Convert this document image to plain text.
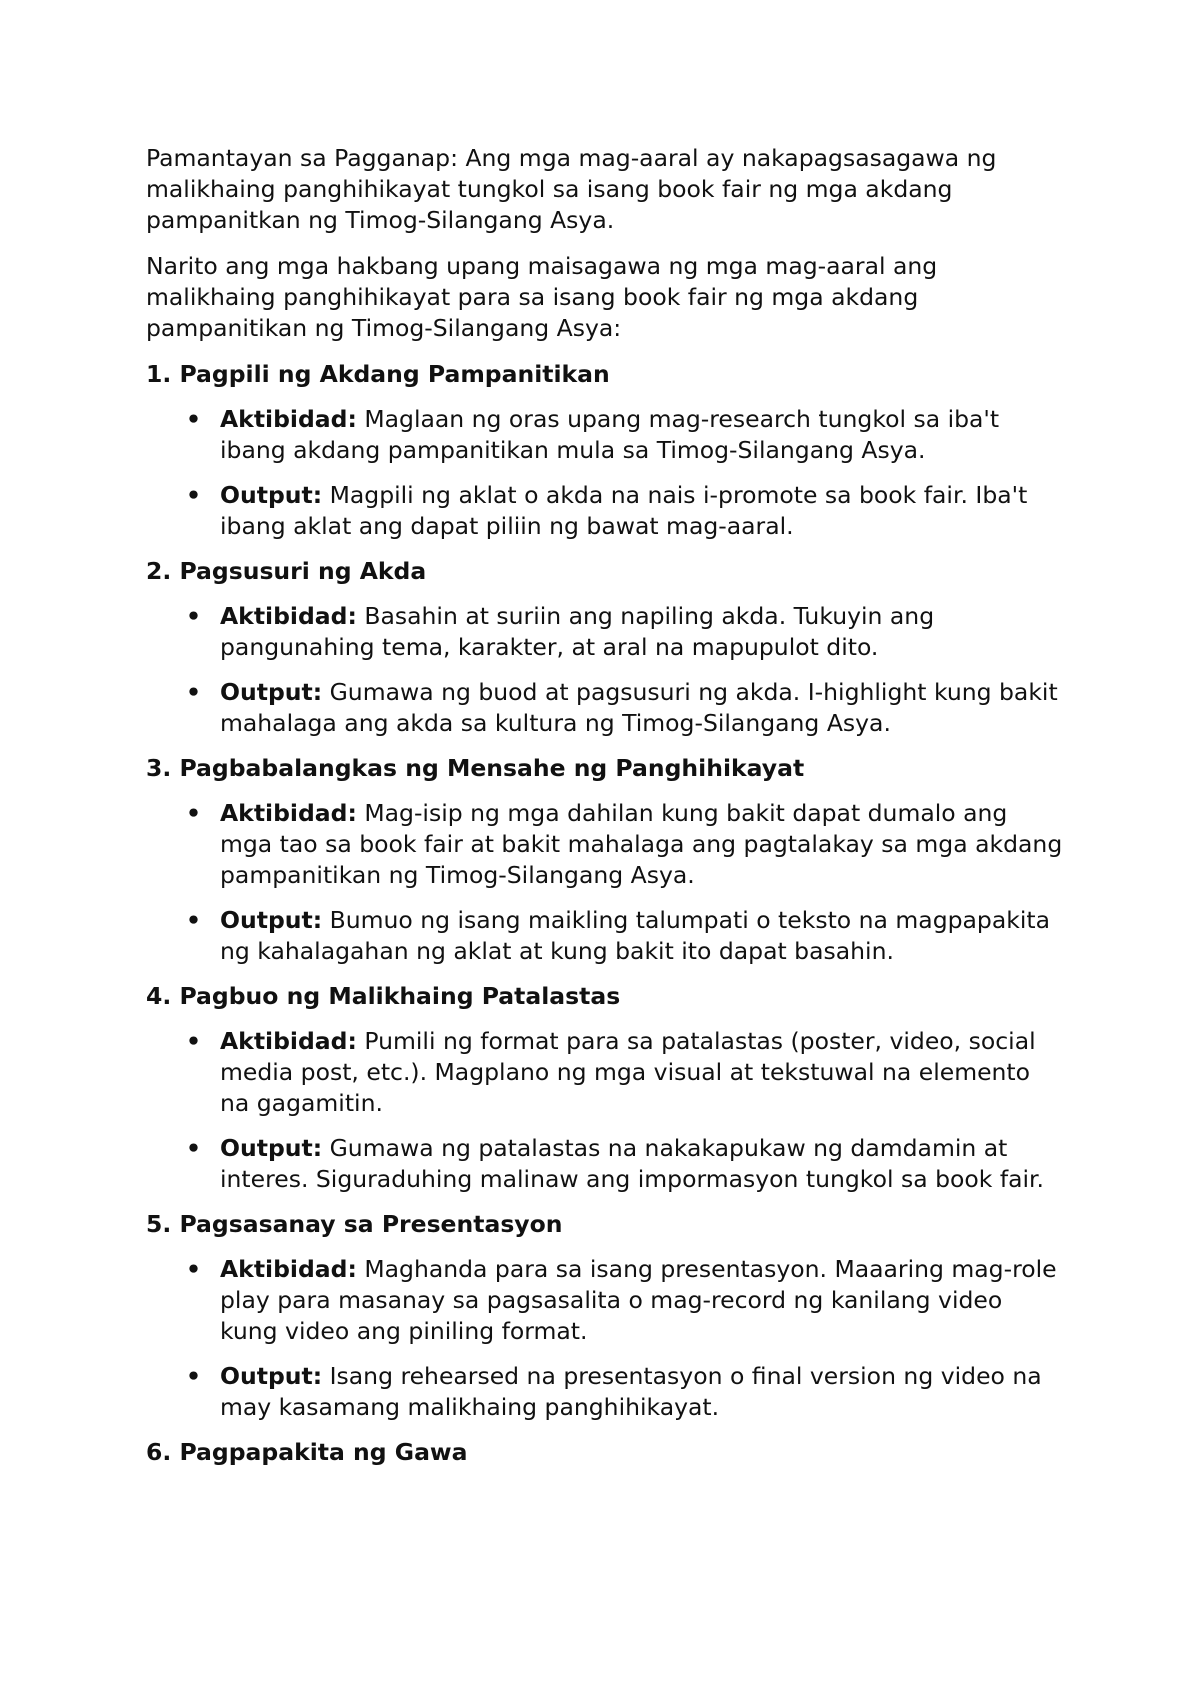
Pamantayan sa Pagganap: Ang mga mag-aaral ay nakapagsasagawa ng malikhaing panghihikayat tungkol sa isang book fair ng mga akdang pampanitkan ng Timog-Silangang Asya.

Narito ang mga hakbang upang maisagawa ng mga mag-aaral ang malikhaing panghihikayat para sa isang book fair ng mga akdang pampanitikan ng Timog-Silangang Asya:

1. Pagpili ng Akdang Pampanitikan
• Aktibidad: Maglaan ng oras upang mag-research tungkol sa iba't ibang akdang pampanitikan mula sa Timog-Silangang Asya.
• Output: Magpili ng aklat o akda na nais i-promote sa book fair. Iba't ibang aklat ang dapat piliin ng bawat mag-aaral.
2. Pagsusuri ng Akda
• Aktibidad: Basahin at suriin ang napiling akda. Tukuyin ang pangunahing tema, karakter, at aral na mapupulot dito.
• Output: Gumawa ng buod at pagsusuri ng akda. I-highlight kung bakit mahalaga ang akda sa kultura ng Timog-Silangang Asya.
3. Pagbabalangkas ng Mensahe ng Panghihikayat
• Aktibidad: Mag-isip ng mga dahilan kung bakit dapat dumalo ang mga tao sa book fair at bakit mahalaga ang pagtalakay sa mga akdang pampanitikan ng Timog-Silangang Asya.
• Output: Bumuo ng isang maikling talumpati o teksto na magpapakita ng kahalagahan ng aklat at kung bakit ito dapat basahin.
4. Pagbuo ng Malikhaing Patalastas
• Aktibidad: Pumili ng format para sa patalastas (poster, video, social media post, etc.). Magplano ng mga visual at tekstuwal na elemento na gagamitin.
• Output: Gumawa ng patalastas na nakakapukaw ng damdamin at interes. Siguraduhing malinaw ang impormasyon tungkol sa book fair.
5. Pagsasanay sa Presentasyon
• Aktibidad: Maghanda para sa isang presentasyon. Maaaring mag-role play para masanay sa pagsasalita o mag-record ng kanilang video kung video ang piniling format.
• Output: Isang rehearsed na presentasyon o final version ng video na may kasamang malikhaing panghihikayat.
6. Pagpapakita ng Gawa
